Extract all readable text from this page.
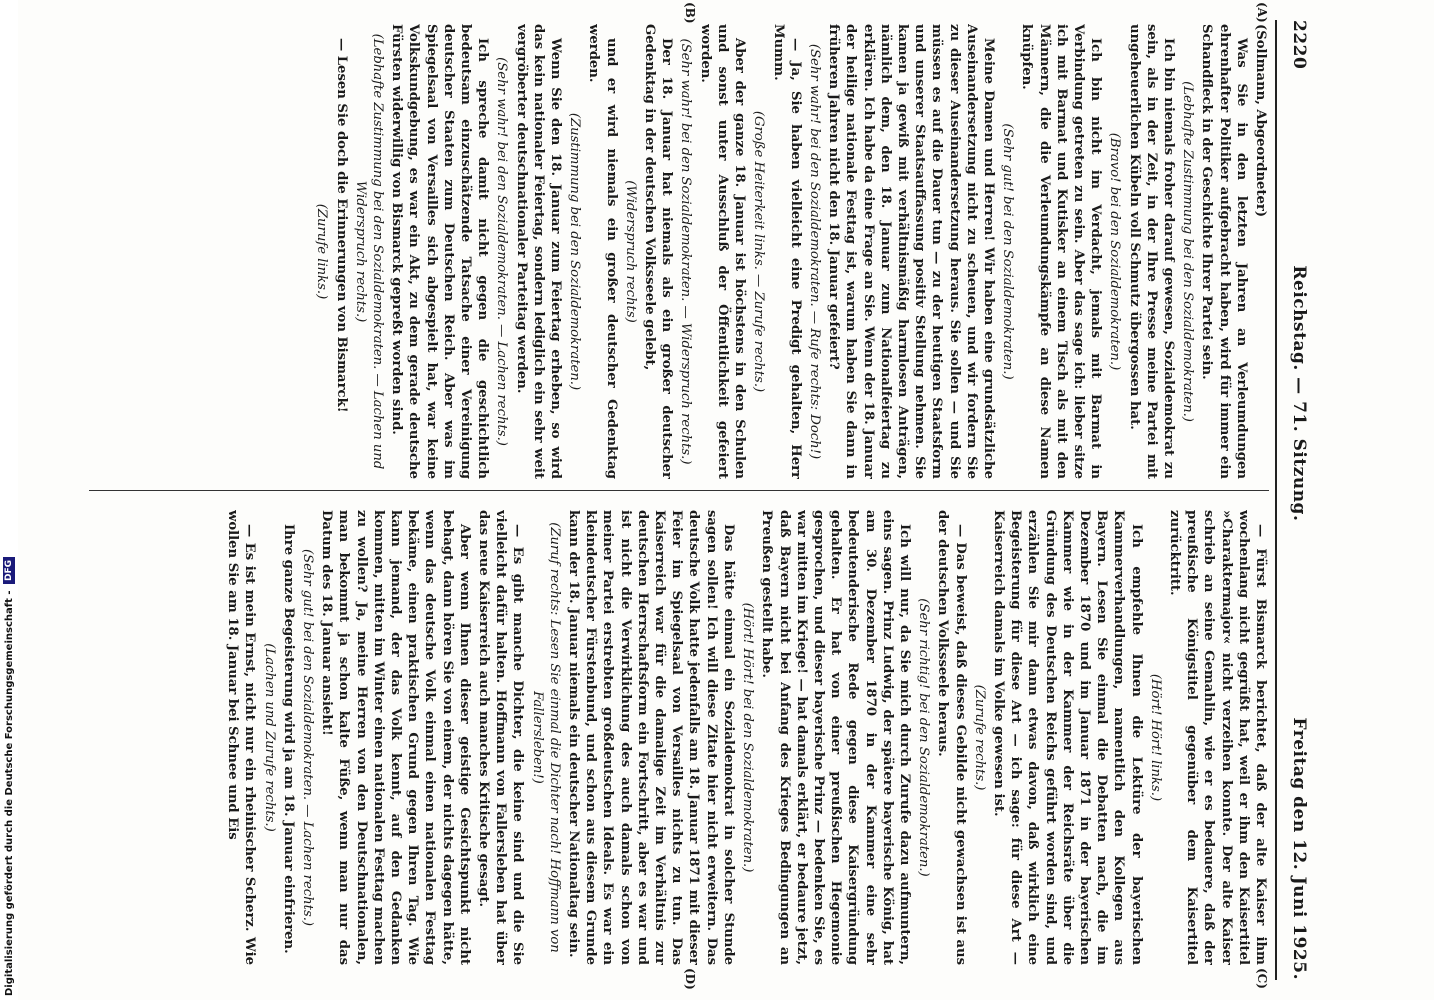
2220
Reichstag. — 71. Sitzung.
Freitag den 12. Juni 1925.
(A)
(B)
(C)
(D)

(Sollmann, Abgeordneter)

Was Sie in den letzten Jahren an Verleumdungen ehrenhafter Politiker aufgebracht haben, wird für immer ein Schandfleck in der Geschichte Ihrer Partei sein.

(Lebhafte Zustimmung bei den Sozialdemokraten.)

Ich bin niemals froher darauf gewesen, Sozialdemokrat zu sein, als in der Zeit, in der Ihre Presse meine Partei mit ungeheuerlichen Kübeln voll Schmutz übergossen hat.

(Bravo! bei den Sozialdemokraten.)

Ich bin nicht im Verdacht, jemals mit Barmat in Verbindung getreten zu sein. Aber das sage ich: lieber sitze ich mit Barmat und Kutisker an einem Tisch als mit den Männern, die die Verleumdungskämpfe an diese Namen knüpfen.

(Sehr gut! bei den Sozialdemokraten.)

Meine Damen und Herren! Wir haben eine grundsätzliche Auseinandersetzung nicht zu scheuen, und wir fordern Sie zu dieser Auseinandersetzung heraus. Sie sollen — und Sie müssen es auf die Dauer tun — zu der heutigen Staatsform und unserer Staatsauffassung positiv Stellung nehmen. Sie kamen ja gewiß mit verhältnismäßig harmlosen Anträgen, nämlich dem, den 18. Januar zum Nationalfeiertag zu erklären. Ich habe da eine Frage an Sie. Wenn der 18. Januar der heilige nationale Festtag ist, warum haben Sie dann in früheren Jahren nicht den 18. Januar gefeiert?

(Sehr wahr! bei den Sozialdemokraten. — Rufe rechts: Doch!)

— Ja, Sie haben vielleicht eine Predigt gehalten, Herr Mumm.

(Große Heiterkeit links. — Zurufe rechts.)

Aber der ganze 18. Januar ist höchstens in den Schulen und sonst unter Ausschluß der Öffentlichkeit gefeiert worden.

(Sehr wahr! bei den Sozialdemokraten. — Widerspruch rechts.)

Der 18. Januar hat niemals als ein großer deutscher Gedenktag in der deutschen Volksseele gelebt,

(Widerspruch rechts)

und er wird niemals ein großer deutscher Gedenktag werden.

(Zustimmung bei den Sozialdemokraten.)

Wenn Sie den 18. Januar zum Feiertag erheben, so wird das kein nationaler Feiertag, sondern lediglich ein sehr weit vergröberter deutschnationaler Parteitag werden.

(Sehr wahr! bei den Sozialdemokraten. — Lachen rechts.)

Ich spreche damit nicht gegen die geschichtlich bedeutsam einzuschätzende Tatsache einer Vereinigung deutscher Staaten zum Deutschen Reich. Aber was im Spiegelsaal von Versailles sich abgespielt hat, war keine Volkskundgebung, es war ein Akt, zu dem gerade deutsche Fürsten widerwillig von Bismarck gepreßt worden sind.

(Lebhafte Zustimmung bei den Sozialdemokraten. — Lachen und Widerspruch rechts.)

— Lesen Sie doch die Erinnerungen von Bismarck!

(Zurufe links.)

— Fürst Bismarck berichtet, daß der alte Kaiser ihm wochenlang nicht gegrüßt hat, weil er ihm den Kaisertitel »Charaktermajor« nicht verzeihen konnte. Der alte Kaiser schrieb an seine Gemahlin, wie er es bedauere, daß der preußische Königstitel gegenüber dem Kaisertitel zurücktritt.

(Hört! Hört! links.)

Ich empfehle Ihnen die Lektüre der bayerischen Kammerverhandlungen, namentlich den Kollegen aus Bayern. Lesen Sie einmal die Debatten nach, die im Dezember 1870 und im Januar 1871 in der bayerischen Kammer wie in der Kammer der Reichsräte über die Gründung des Deutschen Reichs geführt worden sind, und erzählen Sie mir dann etwas davon, daß wirklich eine Begeisterung für diese Art — ich sage: für diese Art — Kaiserreich damals im Volke gewesen ist.

(Zurufe rechts.)

— Das beweist, daß dieses Gebilde nicht gewachsen ist aus der deutschen Volksseele heraus.

(Sehr richtig! bei den Sozialdemokraten.)

Ich will nur, da Sie mich durch Zurufe dazu aufmuntern, eins sagen. Prinz Ludwig, der spätere bayerische König, hat am 30. Dezember 1870 in der Kammer eine sehr bedeutenderische Rede gegen diese Kaisergründung gehalten. Er hat von einer preußischen Hegemonie gesprochen, und dieser bayerische Prinz — bedenken Sie, es war mitten im Kriege! — hat damals erklärt, er bedaure jetzt, daß Bayern nicht bei Anfang des Krieges Bedingungen an Preußen gestellt habe.

(Hört! Hört! bei den Sozialdemokraten.)

Das hätte einmal ein Sozialdemokrat in solcher Stunde sagen sollen! Ich will diese Zitate hier nicht erweitern. Das deutsche Volk hatte jedenfalls am 18. Januar 1871 mit dieser Feier im Spiegelsaal von Versailles nichts zu tun. Das Kaiserreich war für die damalige Zeit im Verhältnis zur deutschen Herrschaftsform ein Fortschritt, aber es war und ist nicht die Verwirklichung des auch damals schon von meiner Partei erstrebten großdeutschen Ideals. Es war ein kleindeutscher Fürstenbund, und schon aus diesem Grunde kann der 18. Januar niemals ein deutscher Nationaltag sein.

(Zuruf rechts: Lesen Sie einmal die Dichter nach! Hoffmann von Fallersleben!)

— Es gibt manche Dichter, die keine sind und die Sie vielleicht dafür halten. Hoffmann von Fallersleben hat über das neue Kaiserreich auch manches Kritische gesagt.

Aber wenn Ihnen dieser geistige Gesichtspunkt nicht behagt, dann hören Sie von einem, der nichts dagegen hätte, wenn das deutsche Volk einmal einen nationalen Festtag bekäme, einen praktischen Grund gegen Ihren Tag. Wie kann jemand, der das Volk kennt, auf den Gedanken kommen, mitten im Winter einen nationalen Festtag machen zu wollen? Ja, meine Herren von den Deutschnationalen, man bekommt ja schon kalte Füße, wenn man nur das Datum des 18. Januar ansieht!

(Sehr gut! bei den Sozialdemokraten. — Lachen rechts.)

Ihre ganze Begeisterung wird ja am 18. Januar einfrieren.

(Lachen und Zurufe rechts.)

— Es ist mein Ernst, nicht nur ein rheinischer Scherz. Wie wollen Sie am 18. Januar bei Schnee und Eis

Digitalisierung gefördert durch die Deutsche Forschungsgemeinschaft - DFG
